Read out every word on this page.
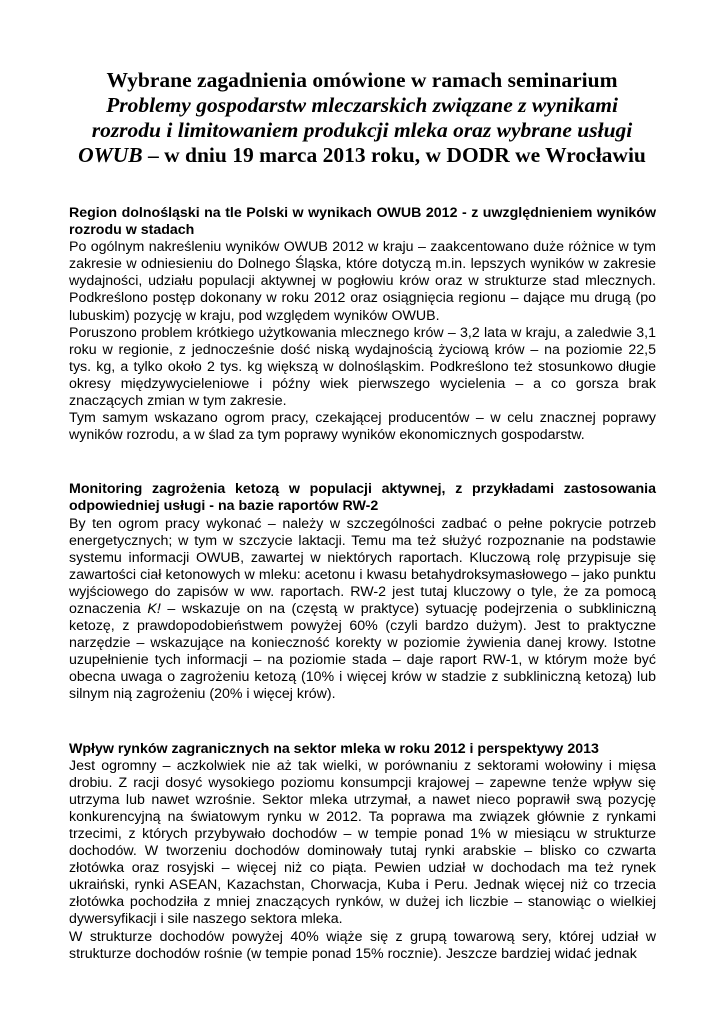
Wybrane zagadnienia omówione w ramach seminarium
Problemy gospodarstw mleczarskich związane z wynikami
rozrodu i limitowaniem produkcji mleka oraz wybrane usługi
OWUB – w dniu 19 marca 2013 roku, w DODR we Wrocławiu
Region dolnośląski na tle Polski w wynikach OWUB 2012 - z uwzględnieniem wyników rozrodu w stadach

Po ogólnym nakreśleniu wyników OWUB 2012 w kraju – zaakcentowano duże różnice w tym zakresie w odniesieniu do Dolnego Śląska, które dotyczą m.in. lepszych wyników w zakresie wydajności, udziału populacji aktywnej w pogłowiu krów oraz w strukturze stad mlecznych. Podkreślono postęp dokonany w roku 2012 oraz osiągnięcia regionu – dające mu drugą (po lubuskim) pozycję w kraju, pod względem wyników OWUB.

Poruszono problem krótkiego użytkowania mlecznego krów – 3,2 lata w kraju, a zaledwie 3,1 roku w regionie, z jednocześnie dość niską wydajnością życiową krów – na poziomie 22,5 tys. kg, a tylko około 2 tys. kg większą w dolnośląskim. Podkreślono też stosunkowo długie okresy międzywycieleniowe i późny wiek pierwszego wycielenia – a co gorsza brak znaczących zmian w tym zakresie.

Tym samym wskazano ogrom pracy, czekającej producentów – w celu znacznej poprawy wyników rozrodu, a w ślad za tym poprawy wyników ekonomicznych gospodarstw.

Monitoring zagrożenia ketozą w populacji aktywnej, z przykładami zastosowania odpowiedniej usługi - na bazie raportów RW-2

By ten ogrom pracy wykonać – należy w szczególności zadbać o pełne pokrycie potrzeb energetycznych; w tym w szczycie laktacji. Temu ma też służyć rozpoznanie na podstawie systemu informacji OWUB, zawartej w niektórych raportach. Kluczową rolę przypisuje się zawartości ciał ketonowych w mleku: acetonu i kwasu betahydroksymasłowego – jako punktu wyjściowego do zapisów w ww. raportach. RW-2 jest tutaj kluczowy o tyle, że za pomocą oznaczenia K! – wskazuje on na (częstą w praktyce) sytuację podejrzenia o subkliniczną ketozę, z prawdopodobieństwem powyżej 60% (czyli bardzo dużym). Jest to praktyczne narzędzie – wskazujące na konieczność korekty w poziomie żywienia danej krowy. Istotne uzupełnienie tych informacji – na poziomie stada – daje raport RW-1, w którym może być obecna uwaga o zagrożeniu ketozą (10% i więcej krów w stadzie z subkliniczną ketozą) lub silnym nią zagrożeniu (20% i więcej krów).

Wpływ rynków zagranicznych na sektor mleka w roku 2012 i perspektywy 2013

Jest ogromny – aczkolwiek nie aż tak wielki, w porównaniu z sektorami wołowiny i mięsa drobiu. Z racji dosyć wysokiego poziomu konsumpcji krajowej – zapewne tenże wpływ się utrzyma lub nawet wzrośnie. Sektor mleka utrzymał, a nawet nieco poprawił swą pozycję konkurencyjną na światowym rynku w 2012. Ta poprawa ma związek głównie z rynkami trzecimi, z których przybywało dochodów – w tempie ponad 1% w miesiącu w strukturze dochodów. W tworzeniu dochodów dominowały tutaj rynki arabskie – blisko co czwarta złotówka oraz rosyjski – więcej niż co piąta. Pewien udział w dochodach ma też rynek ukraiński, rynki ASEAN, Kazachstan, Chorwacja, Kuba i Peru. Jednak więcej niż co trzecia złotówka pochodziła z mniej znaczących rynków, w dużej ich liczbie – stanowiąc o wielkiej dywersyfikacji i sile naszego sektora mleka.

W strukturze dochodów powyżej 40% wiąże się z grupą towarową sery, której udział w strukturze dochodów rośnie (w tempie ponad 15% rocznie). Jeszcze bardziej widać jednak
